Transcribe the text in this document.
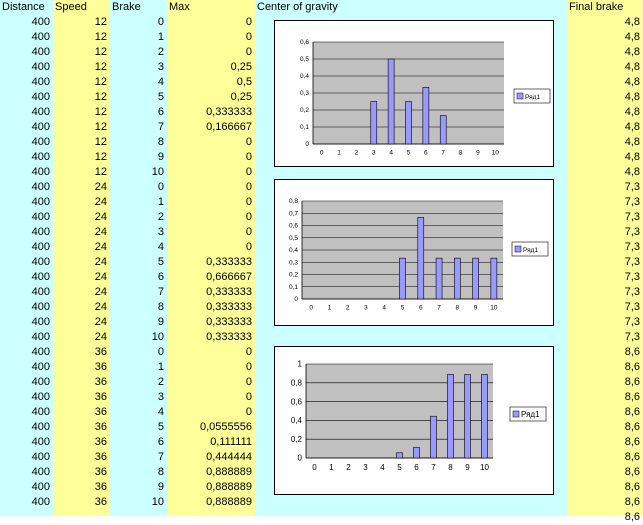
Distance
400
400
400
400
400
400
400
400
400
400
400
400
400
400
400
400
400
400
400
400
400
400
400
400
400
400
400
400
400
400
400
400
400
Speed
12
12
12
12
12
12
12
12
12
12
12
24
24
24
24
24
24
24
24
24
24
24
36
36
36
36
36
36
36
36
36
36
36
Brake
0
1
2
3
4
5
6
7
8
9
10
0
1
2
3
4
5
6
7
8
9
10
0
1
2
3
4
5
6
7
8
9
10
Max
0
0
0
0,25
0,5
0,25
0,333333
0,166667
0
0
0
0
0
0
0
0
0,333333
0,666667
0,333333
0,333333
0,333333
0,333333
0
0
0
0
0
0,0555556
0,111111
0,444444
0,888889
0,888889
0,888889
Center of gravity	Final brake
4,8
4,8
4,8
4,8
4,8
4,8
4,8
4,8
4,8
4,8
4,8
7,3
7,3
7,3
7,3
7,3
7,3
7,3
7,3
7,3
7,3
7,3
8,6
8,6
8,6
8,6
8,6
8,6
8,6
8,6
8,6
8,6
8,6
8,6
0
0,1
0,2
0,3
0,4
0,5
0,6
0 1 2 3 4 5 6 7 8 9 10
Ряд1
0
0,1
0,2
0,3
0,4
0,5
0,6
0,7
0,8
0 1 2 3 4 5 6 7 8 9 10
Ряд1
0
0,2
0,4
0,6
0,8
1
0 1 2 3 4 5 6 7 8 9 10
Ряд1
